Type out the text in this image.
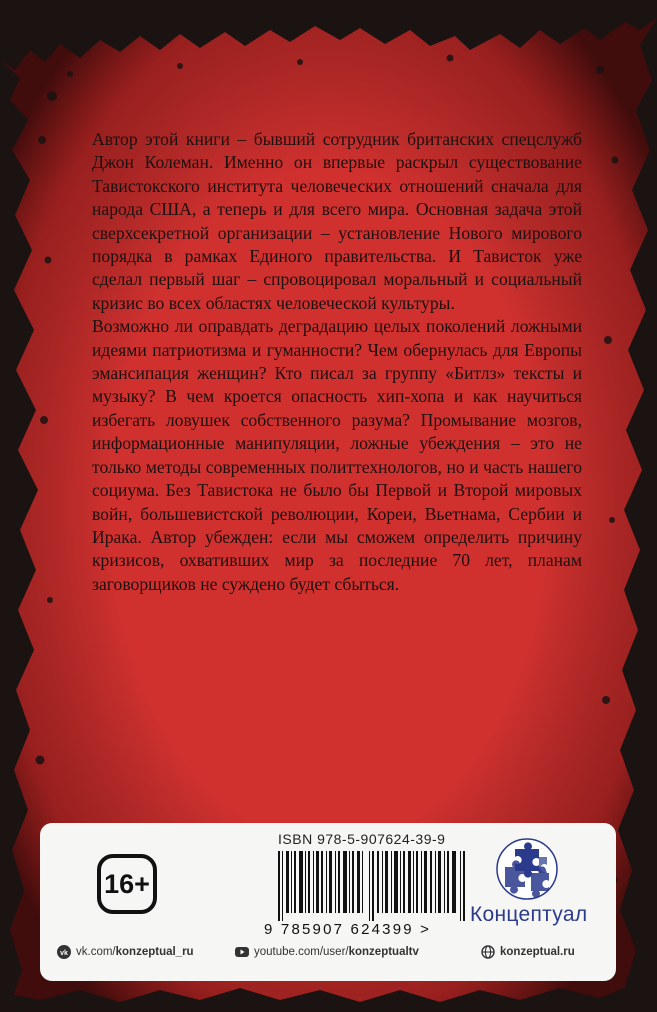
Автор этой книги – бывший сотрудник британских спецслужб Джон Колеман. Именно он впервые раскрыл существование Тавистокского института человеческих отношений сначала для народа США, а теперь и для всего мира. Основная задача этой сверхсекретной организации – установление Нового мирового порядка в рамках Единого правительства. И Тависток уже сделал первый шаг – спровоцировал моральный и социальный кризис во всех областях человеческой культуры.

Возможно ли оправдать деградацию целых поколений ложными идеями патриотизма и гуманности? Чем обернулась для Европы эмансипация женщин? Кто писал за группу «Битлз» тексты и музыку? В чем кроется опасность хип-хопа и как научиться избегать ловушек собственного разума? Промывание мозгов, информационные манипуляции, ложные убеждения – это не только методы современных политтехнологов, но и часть нашего социума. Без Тавистока не было бы Первой и Второй мировых войн, большевистской революции, Кореи, Вьетнама, Сербии и Ирака. Автор убежден: если мы сможем определить причину кризисов, охвативших мир за последние 70 лет, планам заговорщиков не суждено будет сбыться.

ISBN 978-5-907624-39-9
16+
9 785907 624399 >
Концептуал
vk vk.com/ konzeptual_ru	youtube.com/user/ konzeptualtv	konzeptual.ru
